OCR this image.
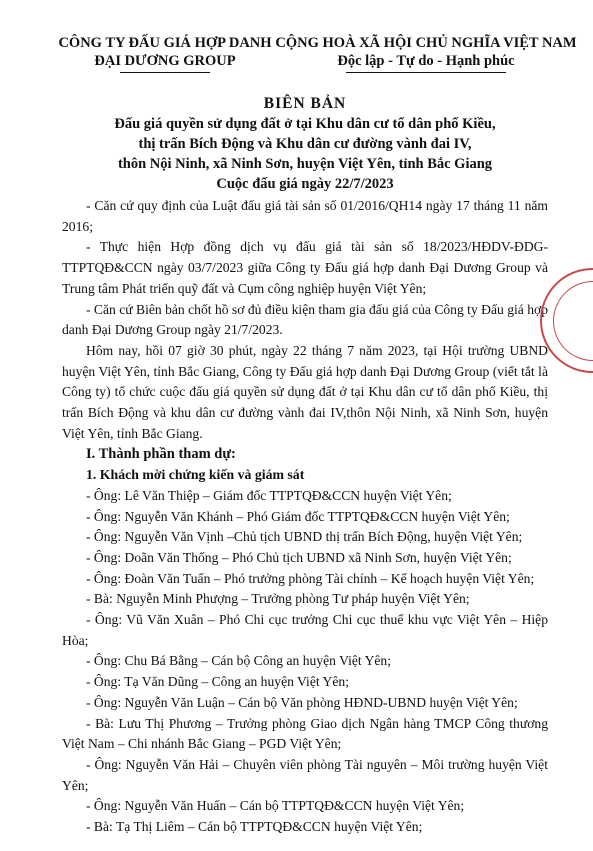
CÔNG TY ĐẤU GIÁ HỢP DANH
ĐẠI DƯƠNG GROUP
CỘNG HOÀ XÃ HỘI CHỦ NGHĨA VIỆT NAM
Độc lập - Tự do - Hạnh phúc
BIÊN BẢN
Đấu giá quyền sử dụng đất ở tại Khu dân cư tổ dân phố Kiều,
thị trấn Bích Động và Khu dân cư đường vành đai IV,
thôn Nội Ninh, xã Ninh Sơn, huyện Việt Yên, tỉnh Bắc Giang
Cuộc đấu giá ngày 22/7/2023

- Căn cứ quy định của Luật đấu giá tài sản số 01/2016/QH14 ngày 17 tháng 11 năm 2016;

- Thực hiện Hợp đồng dịch vụ đấu giá tài sản số 18/2023/HĐDV-ĐDG-TTPTQĐ&CCN ngày 03/7/2023 giữa Công ty Đấu giá hợp danh Đại Dương Group và Trung tâm Phát triển quỹ đất và Cụm công nghiệp huyện Việt Yên;

- Căn cứ Biên bản chốt hồ sơ đủ điều kiện tham gia đấu giá của Công ty Đấu giá hợp danh Đại Dương Group ngày 21/7/2023.

Hôm nay, hồi 07 giờ 30 phút, ngày 22 tháng 7 năm 2023, tại Hội trường UBND huyện Việt Yên, tỉnh Bắc Giang, Công ty Đấu giá hợp danh Đại Dương Group (viết tắt là Công ty) tổ chức cuộc đấu giá quyền sử dụng đất ở tại Khu dân cư tổ dân phố Kiều, thị trấn Bích Động và khu dân cư đường vành đai IV,thôn Nội Ninh, xã Ninh Sơn, huyện Việt Yên, tỉnh Bắc Giang.

I. Thành phần tham dự:

1. Khách mời chứng kiến và giám sát

- Ông: Lê Văn Thiệp – Giám đốc TTPTQĐ&CCN huyện Việt Yên;

- Ông: Nguyễn Văn Khánh – Phó Giám đốc TTPTQĐ&CCN huyện Việt Yên;

- Ông: Nguyễn Văn Vịnh –Chủ tịch UBND thị trấn Bích Động, huyện Việt Yên;

- Ông: Doãn Văn Thống – Phó Chủ tịch UBND xã Ninh Sơn, huyện Việt Yên;

- Ông: Đoàn Văn Tuấn – Phó trưởng phòng Tài chính – Kế hoạch huyện Việt Yên;

- Bà: Nguyễn Minh Phượng – Trưởng phòng Tư pháp huyện Việt Yên;

- Ông: Vũ Văn Xuân – Phó Chi cục trưởng Chi cục thuế khu vực Việt Yên – Hiệp Hòa;

- Ông: Chu Bá Bằng – Cán bộ Công an huyện Việt Yên;

- Ông: Tạ Văn Dũng – Công an huyện Việt Yên;

- Ông: Nguyễn Văn Luận – Cán bộ Văn phòng HĐND-UBND huyện Việt Yên;

- Bà: Lưu Thị Phương – Trưởng phòng Giao dịch Ngân hàng TMCP Công thương Việt Nam – Chi nhánh Bắc Giang – PGD Việt Yên;

- Ông: Nguyễn Văn Hải – Chuyên viên phòng Tài nguyên – Môi trường huyện Việt Yên;

- Ông: Nguyễn Văn Huấn – Cán bộ TTPTQĐ&CCN huyện Việt Yên;

- Bà: Tạ Thị Liêm – Cán bộ TTPTQĐ&CCN huyện Việt Yên;
